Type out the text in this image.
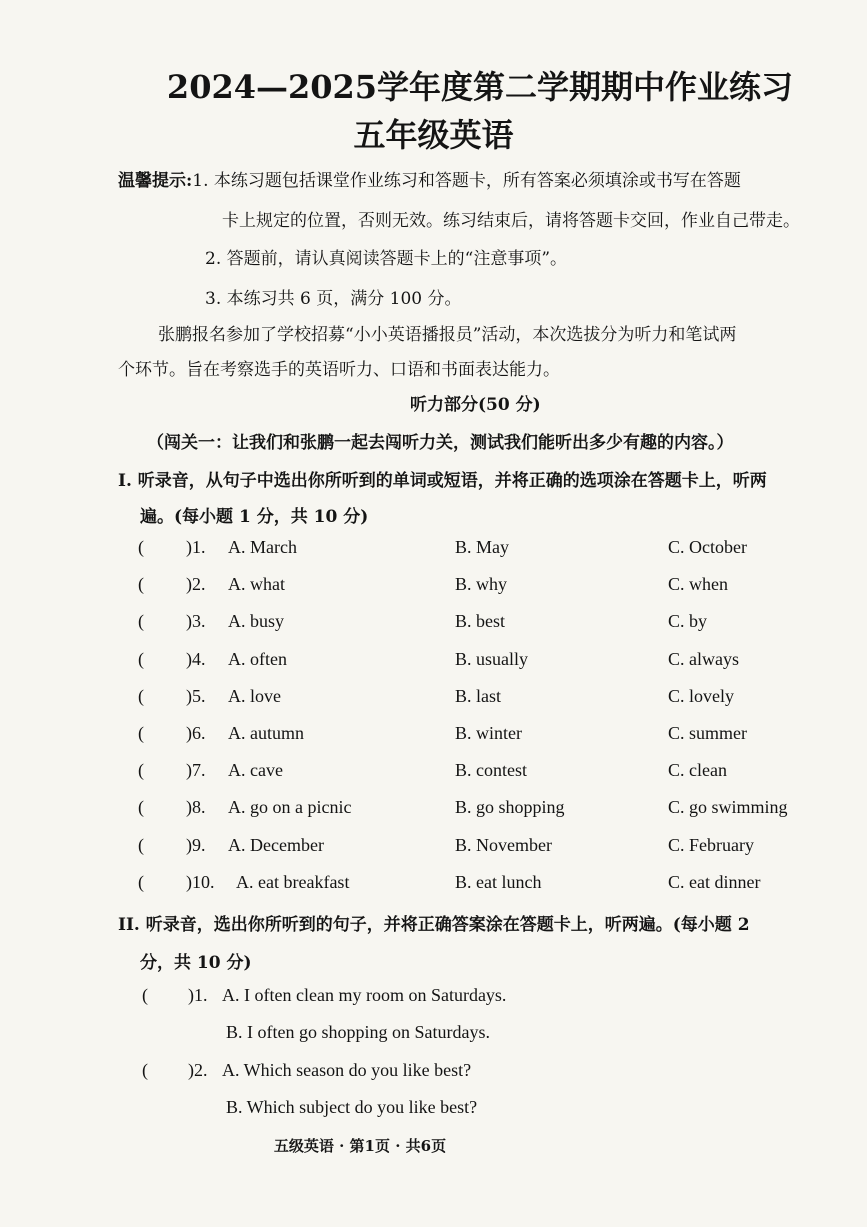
2024—2025学年度第二学期期中作业练习
五年级英语
温馨提示:1. 本练习题包括课堂作业练习和答题卡，所有答案必须填涂或书写在答题
卡上规定的位置，否则无效。练习结束后，请将答题卡交回，作业自己带走。
2. 答题前，请认真阅读答题卡上的“注意事项”。
3. 本练习共 6 页，满分 100 分。
张鹏报名参加了学校招募“小小英语播报员”活动，本次选拔分为听力和笔试两
个环节。旨在考察选手的英语听力、口语和书面表达能力。
听力部分(50 分)
（闯关一：让我们和张鹏一起去闯听力关，测试我们能听出多少有趣的内容。）
I. 听录音，从句子中选出你所听到的单词或短语，并将正确的选项涂在答题卡上，听两
遍。(每小题 1 分，共 10 分)
( )1. A. March	B. May	C. October
( )2. A. what	B. why	C. when
( )3. A. busy	B. best	C. by
( )4. A. often	B. usually	C. always
( )5. A. love	B. last	C. lovely
( )6. A. autumn	B. winter	C. summer
( )7. A. cave	B. contest	C. clean
( )8. A. go on a picnic	B. go shopping	C. go swimming
( )9. A. December	B. November	C. February
( )10. A. eat breakfast	B. eat lunch	C. eat dinner
II. 听录音，选出你所听到的句子，并将正确答案涂在答题卡上，听两遍。(每小题 2
分，共 10 分)
( )1. A. I often clean my room on Saturdays.
B. I often go shopping on Saturdays.
( )2. A. Which season do you like best?
B. Which subject do you like best?
五级英语 · 第1页 · 共6页
